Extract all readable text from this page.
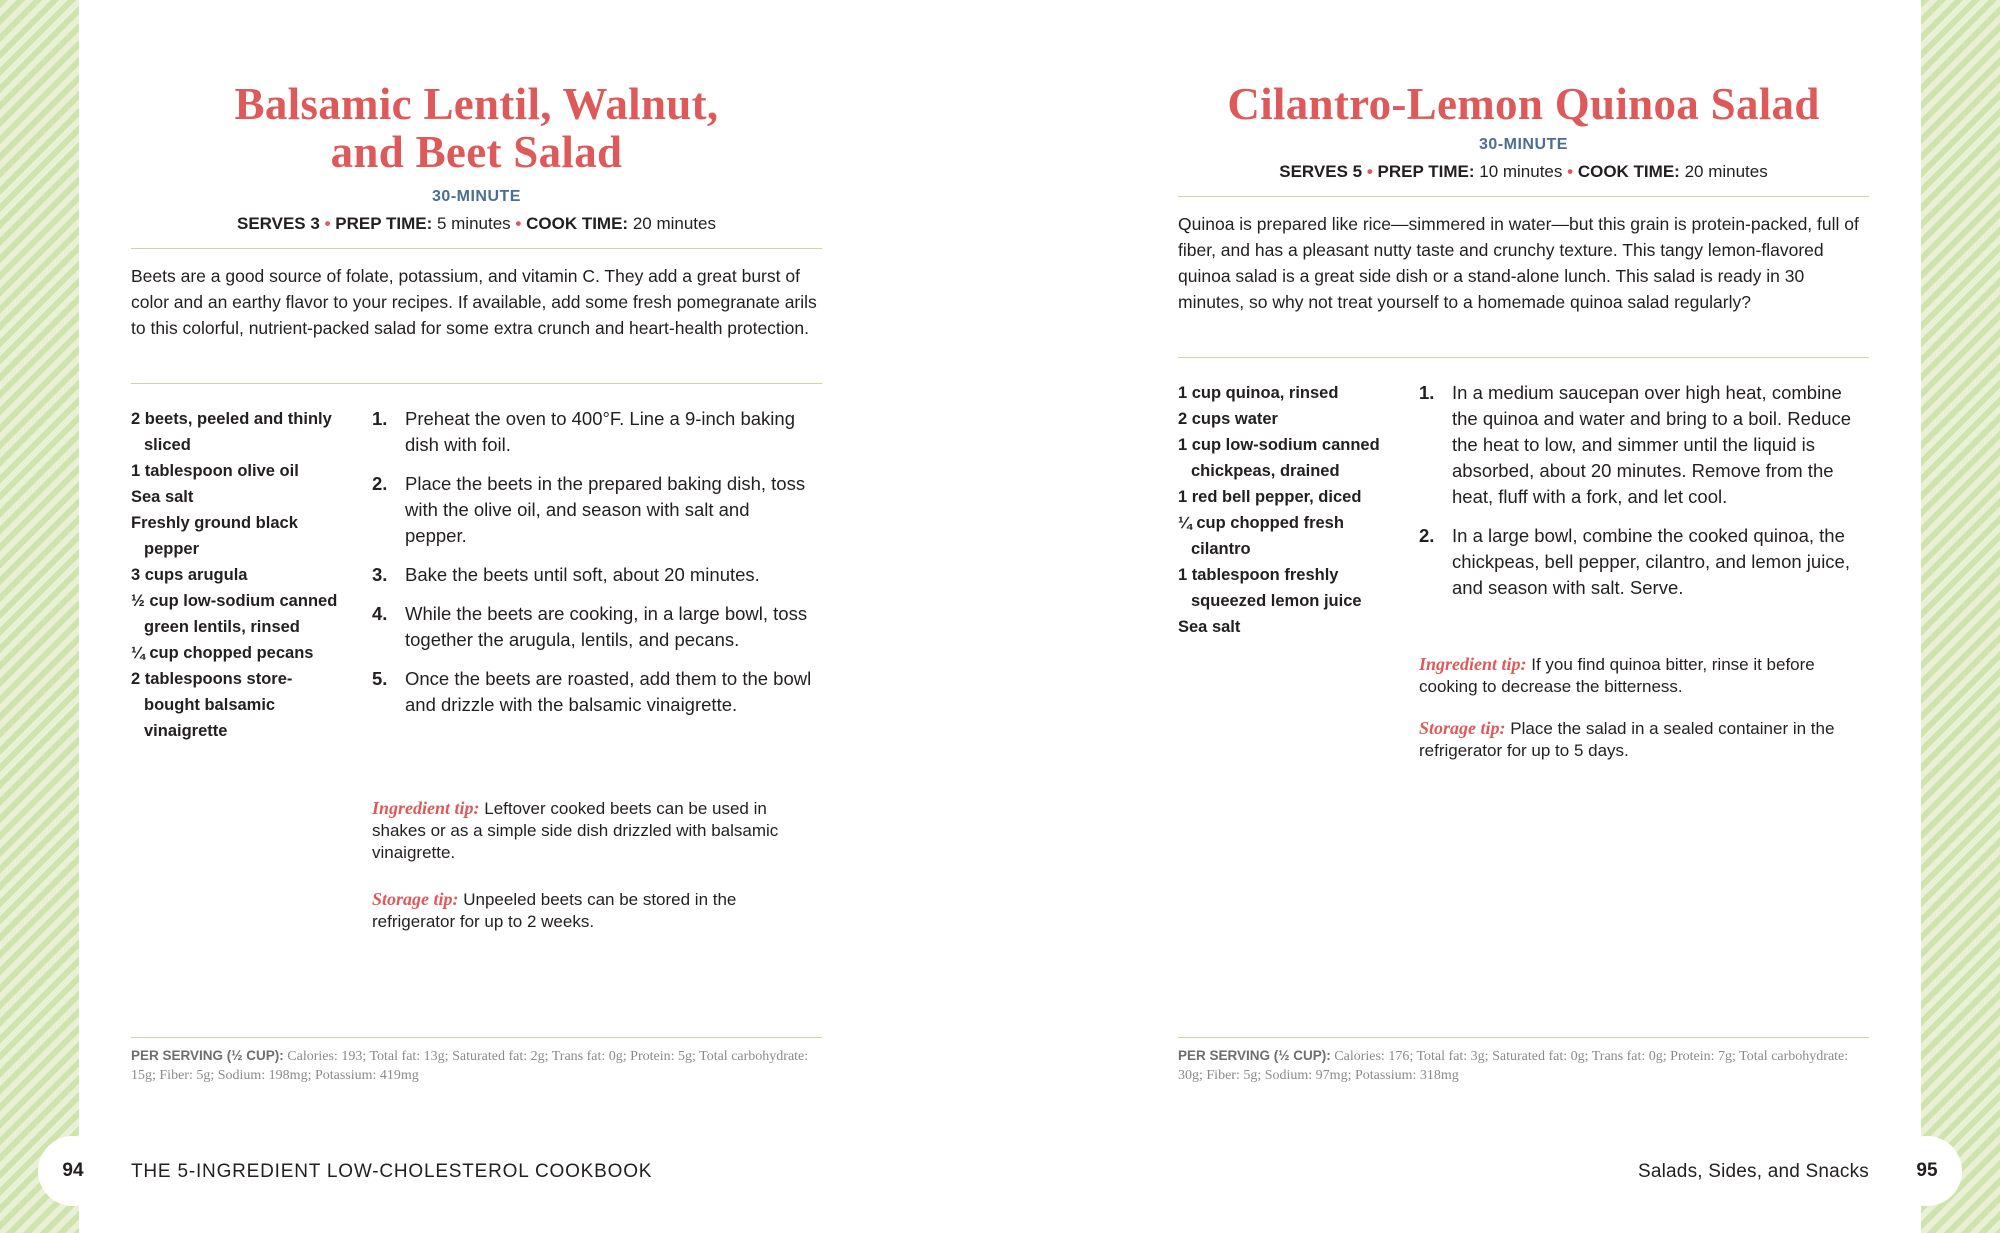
Balsamic Lentil, Walnut,
and Beet Salad
30-MINUTE
SERVES 3 • PREP TIME: 5 minutes • COOK TIME: 20 minutes

Beets are a good source of folate, potassium, and vitamin C. They add a great burst of color and an earthy flavor to your recipes. If available, add some fresh pomegranate arils to this colorful, nutrient-packed salad for some extra crunch and heart-health protection.

2 beets, peeled and thinly sliced
1 tablespoon olive oil
Sea salt
Freshly ground black pepper
3 cups arugula
½ cup low-sodium canned green lentils, rinsed
¼ cup chopped pecans
2 tablespoons store-bought balsamic vinaigrette
1. Preheat the oven to 400°F. Line a 9-inch baking dish with foil.
2. Place the beets in the prepared baking dish, toss with the olive oil, and season with salt and pepper.
3. Bake the beets until soft, about 20 minutes.
4. While the beets are cooking, in a large bowl, toss together the arugula, lentils, and pecans.
5. Once the beets are roasted, add them to the bowl and drizzle with the balsamic vinaigrette.

Ingredient tip: Leftover cooked beets can be used in shakes or as a simple side dish drizzled with balsamic vinaigrette.

Storage tip: Unpeeled beets can be stored in the refrigerator for up to 2 weeks.

PER SERVING (½ CUP): Calories: 193; Total fat: 13g; Saturated fat: 2g; Trans fat: 0g; Protein: 5g; Total carbohydrate: 15g; Fiber: 5g; Sodium: 198mg; Potassium: 419mg

THE 5-INGREDIENT LOW-CHOLESTEROL COOKBOOK
94
Cilantro-Lemon Quinoa Salad
30-MINUTE
SERVES 5 • PREP TIME: 10 minutes • COOK TIME: 20 minutes

Quinoa is prepared like rice—simmered in water—but this grain is protein-packed, full of fiber, and has a pleasant nutty taste and crunchy texture. This tangy lemon-flavored quinoa salad is a great side dish or a stand-alone lunch. This salad is ready in 30 minutes, so why not treat yourself to a homemade quinoa salad regularly?

1 cup quinoa, rinsed
2 cups water
1 cup low-sodium canned chickpeas, drained
1 red bell pepper, diced
¼ cup chopped fresh cilantro
1 tablespoon freshly squeezed lemon juice
Sea salt
1. In a medium saucepan over high heat, combine the quinoa and water and bring to a boil. Reduce the heat to low, and simmer until the liquid is absorbed, about 20 minutes. Remove from the heat, fluff with a fork, and let cool.
2. In a large bowl, combine the cooked quinoa, the chickpeas, bell pepper, cilantro, and lemon juice, and season with salt. Serve.

Ingredient tip: If you find quinoa bitter, rinse it before cooking to decrease the bitterness.

Storage tip: Place the salad in a sealed container in the refrigerator for up to 5 days.

PER SERVING (½ CUP): Calories: 176; Total fat: 3g; Saturated fat: 0g; Trans fat: 0g; Protein: 7g; Total carbohydrate: 30g; Fiber: 5g; Sodium: 97mg; Potassium: 318mg

Salads, Sides, and Snacks	95
